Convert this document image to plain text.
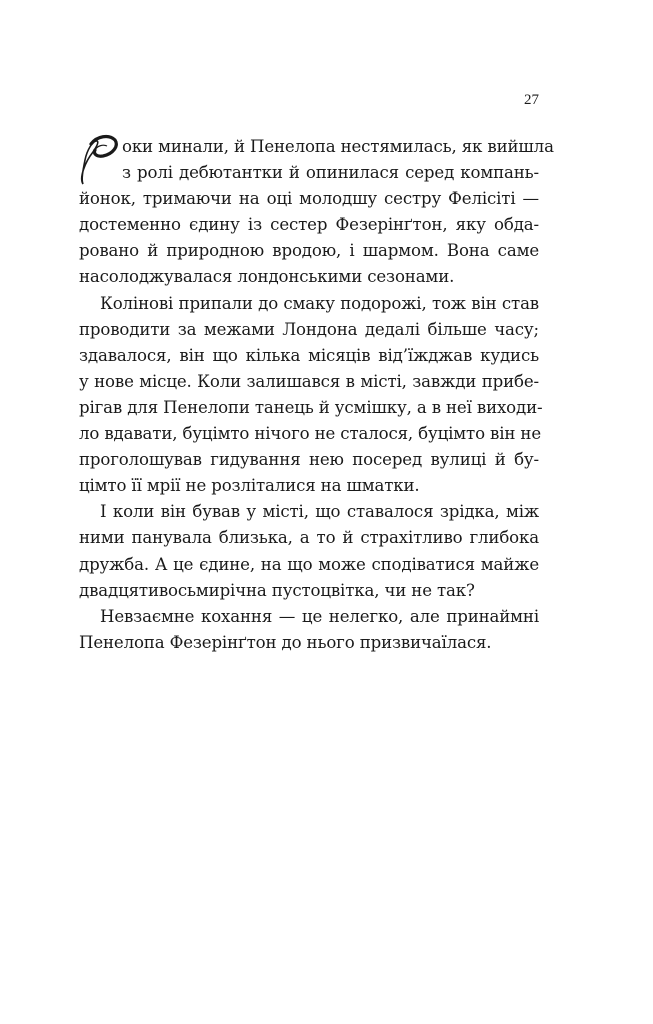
27
оки минали, й Пенелопа нестямилась, як вийшла
з ролі дебютантки й опинилася серед компань-
йонок, тримаючи на оці молодшу сестру Фелісіті —
достеменно єдину із сестер Фезерінґтон, яку обда-
ровано й природною вродою, і шармом. Вона саме
насолоджувалася лондонськими сезонами.
Колінові припали до смаку подорожі, тож він став
проводити за межами Лондона дедалі більше часу;
здавалося, він що кілька місяців від’їжджав кудись
у нове місце. Коли залишався в місті, завжди прибе-
рігав для Пенелопи танець й усмішку, а в неї виходи-
ло вдавати, буцімто нічого не сталося, буцімто він не
проголошував гидування нею посеред вулиці й бу-
цімто її мрії не розліталися на шматки.
І коли він бував у місті, що ставалося зрідка, між
ними панувала близька, а то й страхітливо глибока
дружба. А це єдине, на що може сподіватися майже
двадцятивосьмирічна пустоцвітка, чи не так?
Невзаємне кохання — це нелегко, але принаймні
Пенелопа Фезерінґтон до нього призвичаїлася.
